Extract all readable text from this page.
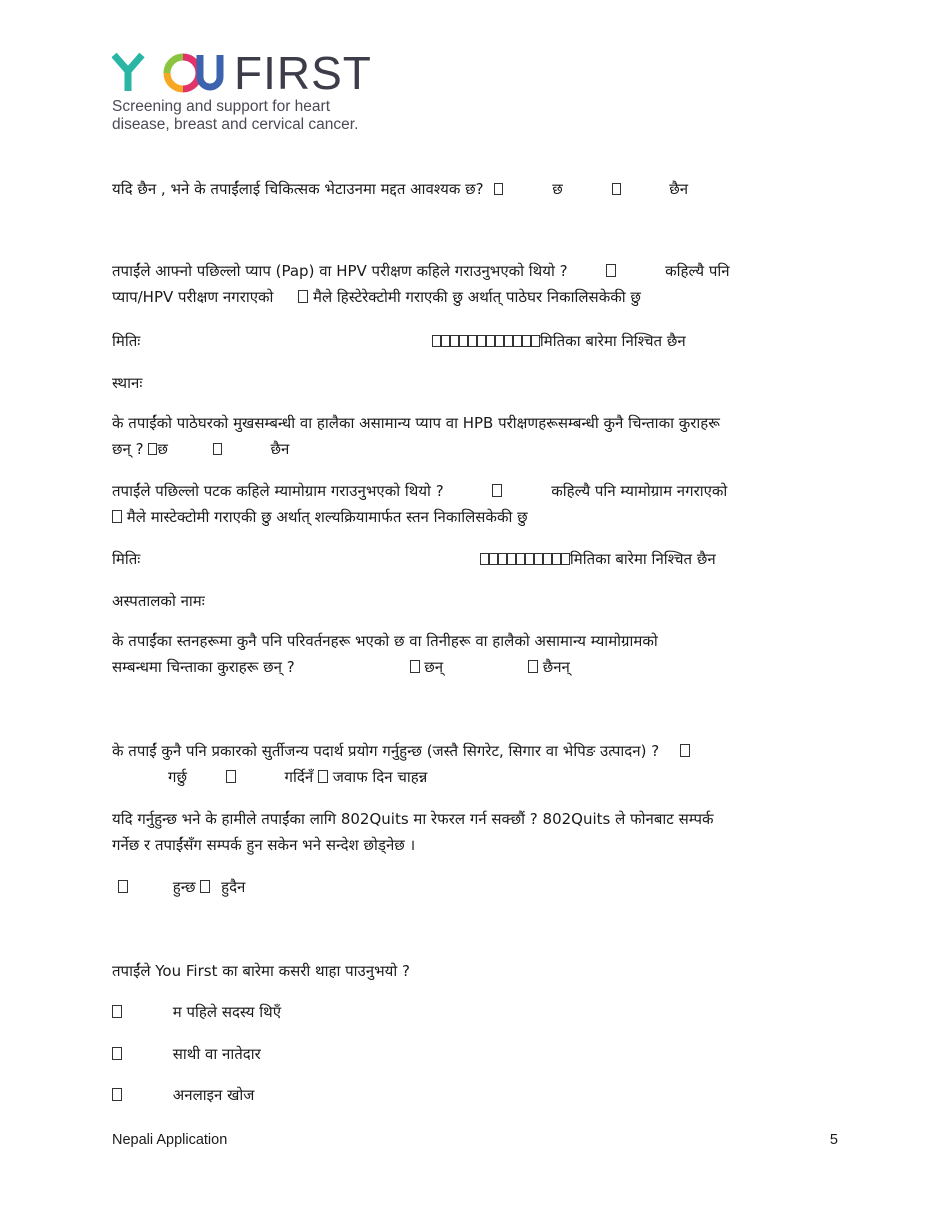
FIRST
Screening and support for heart
disease, breast and cervical cancer.
यदि छैन , भने के तपाईंलाई चिकित्सक भेटाउनमा मद्दत आवश्यक छ?	छ	छैन
तपाईंले आफ्नो पछिल्लो प्याप (Pap) वा HPV परीक्षण कहिले गराउनुभएको थियो ?	कहिल्यै पनि
प्याप/HPV परीक्षण नगराएको	मैले हिस्टेरेक्टोमी गराएकी छु अर्थात् पाठेघर निकालिसकेकी छु
मितिः	मितिका बारेमा निश्चित छैन
स्थानः
के तपाईंको पाठेघरको मुखसम्बन्धी वा हालैका असामान्य प्याप वा HPB परीक्षणहरूसम्बन्धी कुनै चिन्ताका कुराहरू
छन् ? छ	छैन
तपाईंले पछिल्लो पटक कहिले म्यामोग्राम गराउनुभएको थियो ?	कहिल्यै पनि म्यामोग्राम नगराएको
मैले मास्टेक्टोमी गराएकी छु अर्थात् शल्यक्रियामार्फत स्तन निकालिसकेकी छु
मितिः	मितिका बारेमा निश्चित छैन
अस्पतालको नामः
के तपाईंका स्तनहरूमा कुनै पनि परिवर्तनहरू भएको छ वा तिनीहरू वा हालैको असामान्य म्यामोग्रामको
सम्बन्धमा चिन्ताका कुराहरू छन् ?	छन्	छैनन्
के तपाईं कुनै पनि प्रकारको सुर्तीजन्य पदार्थ प्रयोग गर्नुहुन्छ (जस्तै सिगरेट, सिगार वा भेपिङ उत्पादन) ?
गर्छु	गर्दिनँ जवाफ दिन चाहन्न
यदि गर्नुहुन्छ भने के हामीले तपाईंका लागि 802Quits मा रेफरल गर्न सक्छौं ? 802Quits ले फोनबाट सम्पर्क
गर्नेछ र तपाईंसँग सम्पर्क हुन सकेन भने सन्देश छोड्नेछ ।
हुन्छ हुदैन
तपाईंले You First का बारेमा कसरी थाहा पाउनुभयो ?
म पहिले सदस्य थिएँ
साथी वा नातेदार
अनलाइन खोज
Nepali Application	5
